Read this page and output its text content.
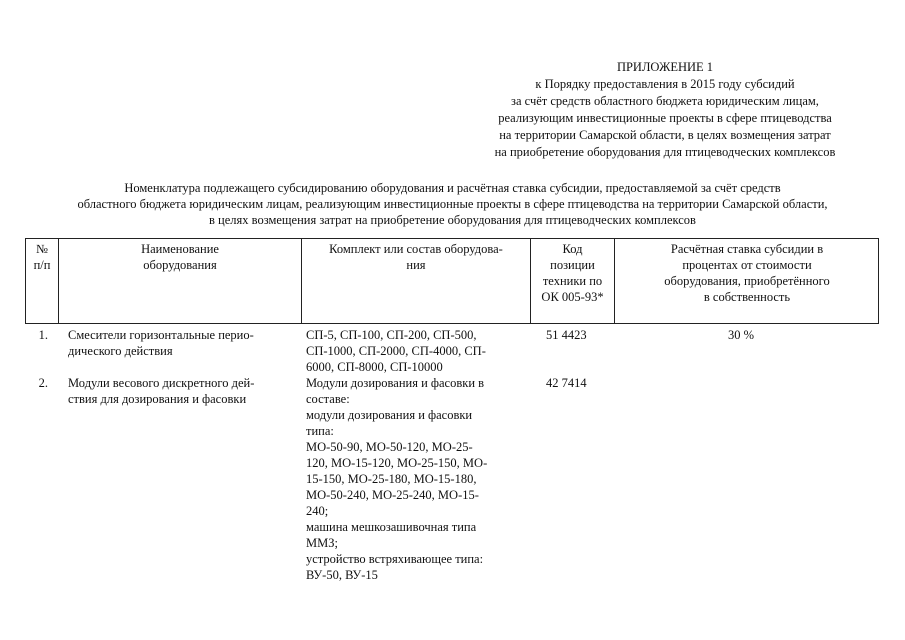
ПРИЛОЖЕНИЕ 1
к Порядку предоставления в 2015 году субсидий
за счёт средств областного бюджета юридическим лицам,
реализующим инвестиционные проекты в сфере птицеводства
на территории Самарской области, в целях возмещения затрат
на приобретение оборудования для птицеводческих комплексов
Номенклатура подлежащего субсидированию оборудования и расчётная ставка субсидии, предоставляемой за счёт средств
областного бюджета юридическим лицам, реализующим инвестиционные проекты в сфере птицеводства на территории Самарской области,
в целях возмещения затрат на приобретение оборудования для птицеводческих комплексов
№
п/п
Наименование
оборудования
Комплект или состав оборудова-
ния
Код
позиции
техники по
ОК 005-93*
Расчётная ставка субсидии в
процентах от стоимости
оборудования, приобретённого
в собственность
1. Смесители горизонтальные перио-
дического действия
СП-5, СП-100, СП-200, СП-500,
СП-1000, СП-2000, СП-4000, СП-
6000, СП-8000, СП-10000
51 4423	30 %
2. Модули весового дискретного дей-
ствия для дозирования и фасовки
Модули дозирования и фасовки в
составе:
модули дозирования и фасовки
типа:
МО-50-90, МО-50-120, МО-25-
120, МО-15-120, МО-25-150, МО-
15-150, МО-25-180, МО-15-180,
МО-50-240, МО-25-240, МО-15-
240;
машина мешкозашивочная типа
ММЗ;
устройство встряхивающее типа:
ВУ-50, ВУ-15
42 7414
